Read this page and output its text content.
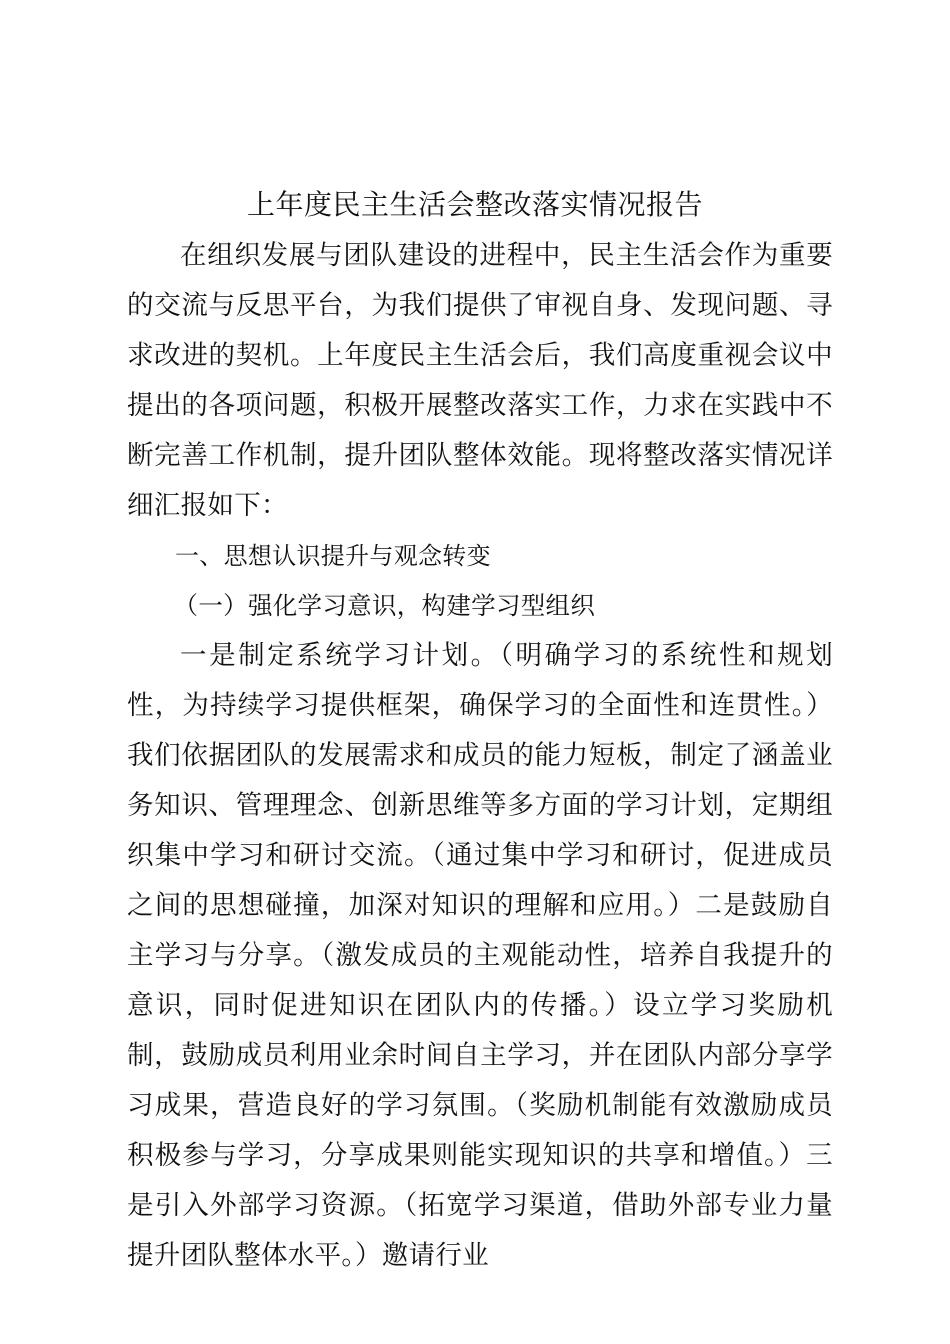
上年度民主生活会整改落实情况报告

在组织发展与团队建设的进程中，民主生活会作为重要的交流与反思平台，为我们提供了审视自身、发现问题、寻求改进的契机。上年度民主生活会后，我们高度重视会议中提出的各项问题，积极开展整改落实工作，力求在实践中不断完善工作机制，提升团队整体效能。现将整改落实情况详细汇报如下：

一、思想认识提升与观念转变

（一）强化学习意识，构建学习型组织

一是制定系统学习计划。（明确学习的系统性和规划性，为持续学习提供框架，确保学习的全面性和连贯性。）我们依据团队的发展需求和成员的能力短板，制定了涵盖业务知识、管理理念、创新思维等多方面的学习计划，定期组织集中学习和研讨交流。（通过集中学习和研讨，促进成员之间的思想碰撞，加深对知识的理解和应用。）二是鼓励自主学习与分享。（激发成员的主观能动性，培养自我提升的意识，同时促进知识在团队内的传播。）设立学习奖励机制，鼓励成员利用业余时间自主学习，并在团队内部分享学习成果，营造良好的学习氛围。（奖励机制能有效激励成员积极参与学习，分享成果则能实现知识的共享和增值。）三是引入外部学习资源。（拓宽学习渠道，借助外部专业力量提升团队整体水平。）邀请行业
